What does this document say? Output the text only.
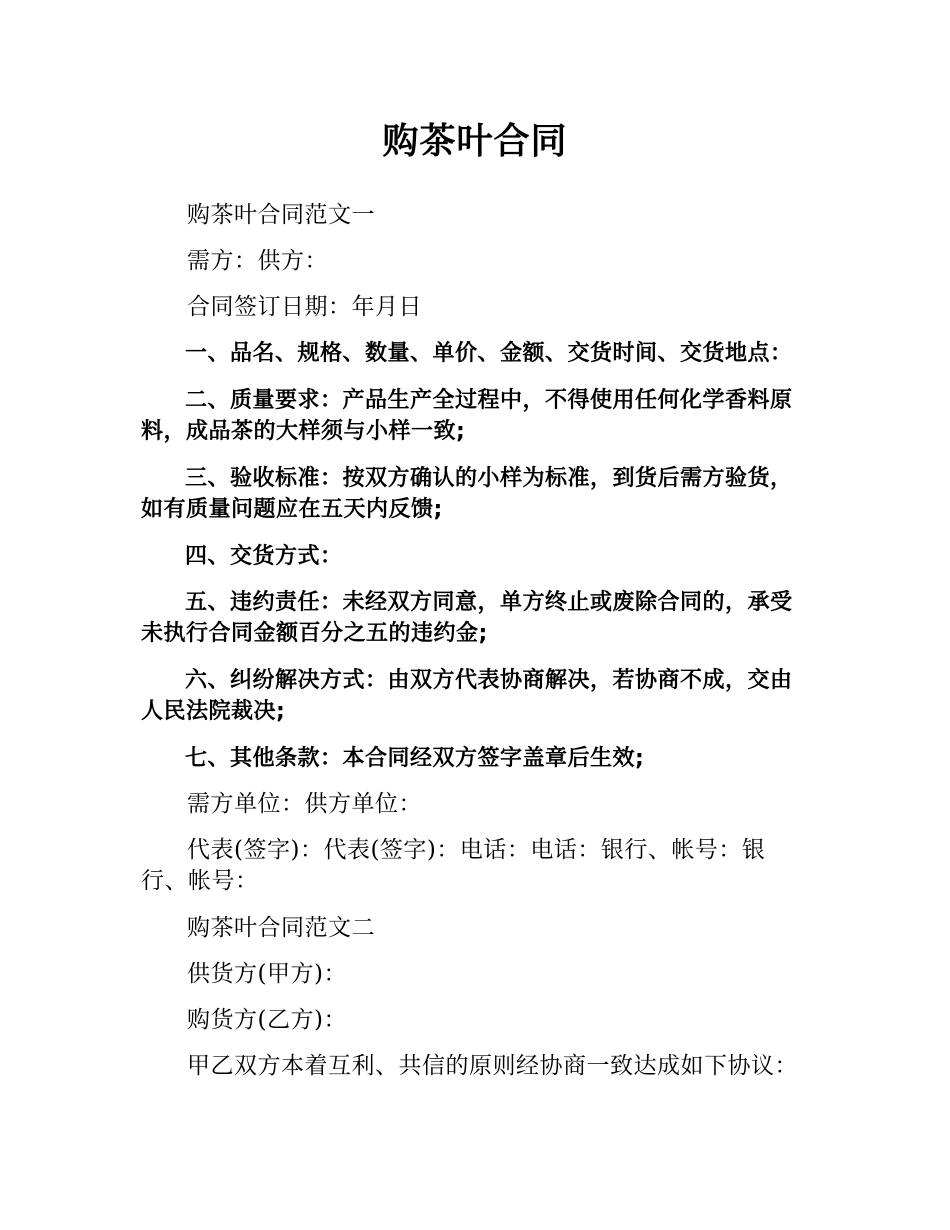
购茶叶合同

购茶叶合同范文一

需方：供方：

合同签订日期：年月日

一、品名、规格、数量、单价、金额、交货时间、交货地点：

二、质量要求：产品生产全过程中，不得使用任何化学香料原料，成品茶的大样须与小样一致;

三、验收标准：按双方确认的小样为标准，到货后需方验货，如有质量问题应在五天内反馈;

四、交货方式：

五、违约责任：未经双方同意，单方终止或废除合同的，承受未执行合同金额百分之五的违约金;

六、纠纷解决方式：由双方代表协商解决，若协商不成，交由人民法院裁决;

七、其他条款：本合同经双方签字盖章后生效;

需方单位：供方单位：

代表(签字)：代表(签字)：电话：电话：银行、帐号：银行、帐号：

购茶叶合同范文二

供货方(甲方)：

购货方(乙方)：

甲乙双方本着互利、共信的原则经协商一致达成如下协议：
